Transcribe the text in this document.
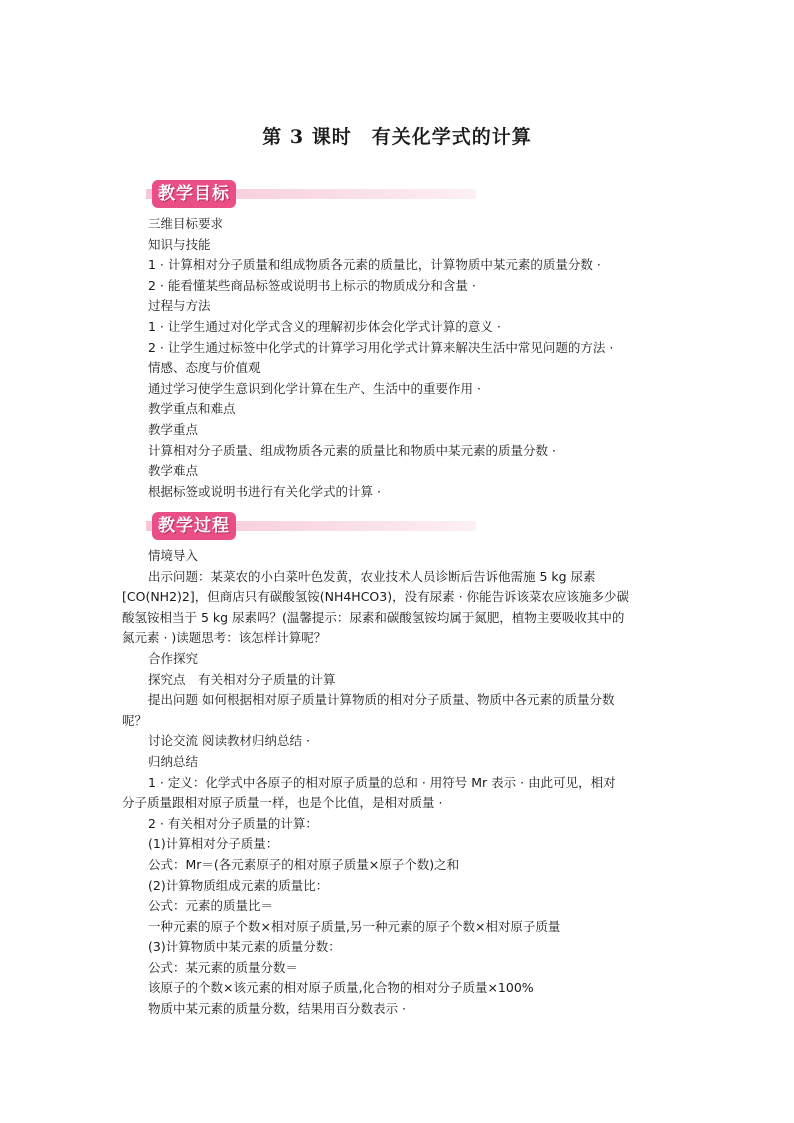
第 3 课时　有关化学式的计算
教学目标

三维目标要求

知识与技能

1 · 计算相对分子质量和组成物质各元素的质量比，计算物质中某元素的质量分数 ·

2 · 能看懂某些商品标签或说明书上标示的物质成分和含量 ·

过程与方法

1 · 让学生通过对化学式含义的理解初步体会化学式计算的意义 ·

2 · 让学生通过标签中化学式的计算学习用化学式计算来解决生活中常见问题的方法 ·

情感、态度与价值观

通过学习使学生意识到化学计算在生产、生活中的重要作用 ·

教学重点和难点

教学重点

计算相对分子质量、组成物质各元素的质量比和物质中某元素的质量分数 ·

教学难点

根据标签或说明书进行有关化学式的计算 ·

教学过程

情境导入

出示问题：某菜农的小白菜叶色发黄，农业技术人员诊断后告诉他需施 5 kg 尿素

[CO(NH2)2]，但商店只有碳酸氢铵(NH4HCO3)，没有尿素 · 你能告诉该菜农应该施多少碳

酸氢铵相当于 5 kg 尿素吗？(温馨提示：尿素和碳酸氢铵均属于氮肥，植物主要吸收其中的

氮元素 · )读题思考：该怎样计算呢？

合作探究

探究点　有关相对分子质量的计算

提出问题 如何根据相对原子质量计算物质的相对分子质量、物质中各元素的质量分数

呢？

讨论交流 阅读教材归纳总结 ·

归纳总结

1 · 定义：化学式中各原子的相对原子质量的总和 · 用符号 Mr 表示 · 由此可见，相对

分子质量跟相对原子质量一样，也是个比值，是相对质量 ·

2 · 有关相对分子质量的计算：

(1)计算相对分子质量：

公式：Mr＝(各元素原子的相对原子质量×原子个数)之和

(2)计算物质组成元素的质量比：

公式：元素的质量比＝

一种元素的原子个数×相对原子质量,另一种元素的原子个数×相对原子质量

(3)计算物质中某元素的质量分数：

公式：某元素的质量分数＝

该原子的个数×该元素的相对原子质量,化合物的相对分子质量×100%

物质中某元素的质量分数，结果用百分数表示 ·
